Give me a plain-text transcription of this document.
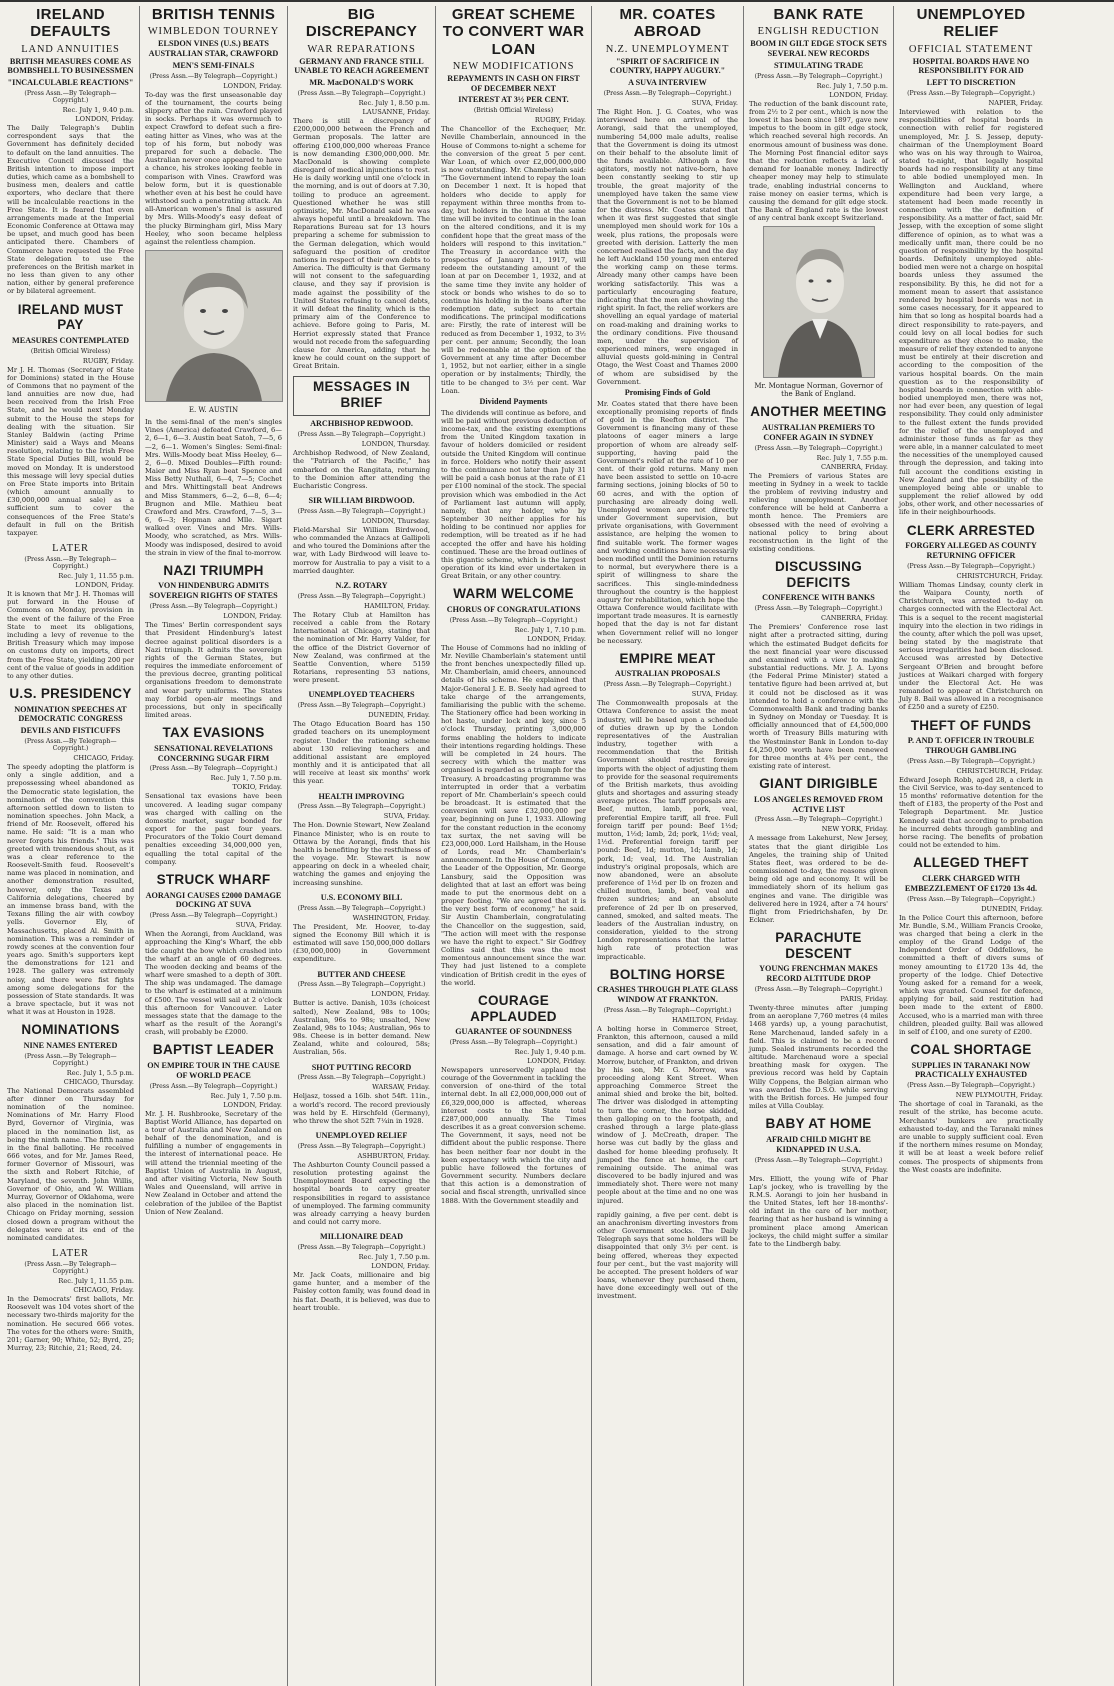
IRELAND DEFAULTS
LAND ANNUITIES
BRITISH MEASURES COME AS BOMBSHELL TO BUSINESSMEN
"INCALCULABLE REACTIONS"
(Press Assn.—By Telegraph—Copyright.)
Rec. July 1, 9.40 p.m.
LONDON, Friday.
The Daily Telegraph's Dublin correspondent says that the Government has definitely decided to default on the land annuities. The Executive Council discussed the British intention to impose import duties, which came as a bombshell to business men, dealers and cattle exporters, who declare that there will be incalculable reactions in the Free State. It is feared that even arrangements made at the Imperial Economic Conference at Ottawa may be upset, and much good has been anticipated there. Chambers of Commerce have requested the Free State delegation to use the preferences on the British market in no less than given to any other nation, either by general preference or by bilateral agreement.
IRELAND MUST PAY
MEASURES CONTEMPLATED
(British Official Wireless)
RUGBY, Friday.
Mr J. H. Thomas (Secretary of State for Dominions) stated in the House of Commons that no payment of the land annuities are now due, had been received from the Irish Free State, and he would next Monday submit to the House the steps for dealing with the situation. Sir Stanley Baldwin (acting Prime Minister) said a Ways and Means resolution, relating to the Irish Free State Special Duties Bill, would be moved on Monday. It is understood this message will levy special duties on Free State imports into Britain (which amount annually to £30,000,000 annual sale) as a sufficient sum to cover the consequences of the Free State's default in full on the British taxpayer.
LATER
(Press Assn.—By Telegraph—Copyright.)
Rec. July 1, 11.55 p.m.
LONDON, Friday.
It is known that Mr J. H. Thomas will put forward in the House of Commons on Monday, provision in the event of the failure of the Free State to meet its obligations, including a levy of revenue to the British Treasury which may impose on customs duty on imports, direct from the Free State, yielding 200 per cent of the value of goods in addition to any other duties.
U.S. PRESIDENCY
NOMINATION SPEECHES AT DEMOCRATIC CONGRESS
DEVILS AND FISTICUFFS
(Press Assn.—By Telegraph—Copyright.)
CHICAGO, Friday.
The speedy adopting the platform is only a single addition, and a prepossessing wheel abandoned as the Democratic state legislation, the nomination of the convention this afternoon settled down to listen to nomination speeches. John Mack, a friend of Mr. Roosevelt, offered his name. He said: "It is a man who never forgets his friends." This was greeted with tremendous shout, as it was a clear reference to the Roosevelt-Smith feud. Roosevelt's name was placed in nomination, and another demonstration resulted, however, only the Texas and California delegations, cheered by an immense brass band, with the Texans filling the air with cowboy yells. Governor Ely, of Massachusetts, placed Al. Smith in nomination. This was a reminder of rowdy scenes at the convention four years ago. Smith's supporters kept the demonstrations for 121 and 1928. The gallery was extremely noisy, and there were fist fights among some delegations for the possession of State standards. It was a brave spectacle, but it was not what it was at Houston in 1928.
NOMINATIONS
NINE NAMES ENTERED
(Press Assn.—By Telegraph—Copyright.)
Rec. July 1, 5.5 p.m.
CHICAGO, Thursday.
The National Democrats assembled after dinner on Thursday for nomination of the nominee. Nominations of Mr. Harry Flood Byrd, Governor of Virginia, was placed in the nomination list, as being the ninth name. The fifth name in the final balloting. He received 666 votes, and for Mr. James Reed, former Governor of Missouri, was the sixth and Robert Ritchie, of Maryland, the seventh. John Willis, Governor of Ohio, and W. William Murray, Governor of Oklahoma, were also placed in the nomination list. Chicago on Friday morning, session closed down a program without the delegates were at its end of the nominated candidates.
LATER
(Press Assn.—By Telegraph—Copyright.)
Rec. July 1, 11.55 p.m.
CHICAGO, Friday.
In the Democrats' first ballots, Mr. Roosevelt was 104 votes short of the necessary two-thirds majority for the nomination. He secured 666 votes. The votes for the others were: Smith, 201; Garner, 90; White, 52; Byrd, 25; Murray, 23; Ritchie, 21; Reed, 24.
BRITISH TENNIS
WIMBLEDON TOURNEY
ELSDON VINES (U.S.) BEATS AUSTRALIAN STAR, CRAWFORD
MEN'S SEMI-FINALS
(Press Assn.—By Telegraph—Copyright.)
LONDON, Friday.
To-day was the first unseasonable day of the tournament, the courts being slippery after the rain. Crawford played in socks. Perhaps it was overmuch to expect Crawford to defeat such a fire-eating hitter as Vines, who was at the top of his form, but nobody was prepared for such a debacle. The Australian never once appeared to have a chance, his strokes looking feeble in comparison with Vines. Crawford was below form, but it is questionable whether even at his best he could have withstood such a penetrating attack. An all-American women's final is assured by Mrs. Wills-Moody's easy defeat of the plucky Birmingham girl, Miss Mary Heeley, who soon became helpless against the relentless champion.
E. W. AUSTIN
In the semi-final of the men's singles Vines (America) defeated Crawford, 6—2, 6—1, 6—3. Austin beat Satoh, 7—5, 6—2, 6—1. Women's Singles: Semi-final: Mrs. Wills-Moody beat Miss Heeley, 6—2, 6—0. Mixed Doubles—Fifth round: Maier and Miss Ryan beat Spence and Miss Betty Nuthall, 6—4, 7—5; Cochet and Mrs. Whittingstall beat Andrews and Miss Stammers, 6—2, 6—8, 6—4; Brugnon and Mlle. Mathieu beat Crawford and Mrs. Crawford, 7—5, 3—6, 6—3; Hopman and Mlle. Sigart walked over. Vines and Mrs. Wills-Moody, who scratched, as Mrs. Wills-Moody was indisposed, desired to avoid the strain in view of the final to-morrow.
NAZI TRIUMPH
VON HINDENBURG ADMITS SOVEREIGN RIGHTS OF STATES
(Press Assn.—By Telegraph—Copyright.)
LONDON, Friday.
The Times' Berlin correspondent says that President Hindenburg's latest decree against political disorders is a Nazi triumph. It admits the sovereign rights of the German States, but requires the immediate enforcement of the previous decree, granting political organisations freedom to demonstrate and wear party uniforms. The States may forbid open-air meetings and processions, but only in specifically limited areas.
TAX EVASIONS
SENSATIONAL REVELATIONS CONCERNING SUGAR FIRM
(Press Assn.—By Telegraph—Copyright.)
Rec. July 1, 7.50 p.m.
TOKIO, Friday.
Sensational tax evasions have been uncovered. A leading sugar company was charged with calling on the domestic market, sugar bonded for export for the past four years. Procurators of the Tokio Court demand penalties exceeding 34,000,000 yen, equalling the total capital of the company.
STRUCK WHARF
AORANGI CAUSES £2000 DAMAGE DOCKING AT SUVA
(Press Assn.—By Telegraph—Copyright.)
SUVA, Friday.
When the Aorangi, from Auckland, was approaching the King's Wharf, the ebb tide caught the bow which crashed into the wharf at an angle of 60 degrees. The wooden decking and beams of the wharf were smashed to a depth of 30ft. The ship was undamaged. The damage to the wharf is estimated at a minimum of £500. The vessel will sail at 2 o'clock this afternoon for Vancouver. Later messages state that the damage to the wharf as the result of the Aorangi's crash, will probably be £2000.
BAPTIST LEADER
ON EMPIRE TOUR IN THE CAUSE OF WORLD PEACE
(Press Assn.—By Telegraph—Copyright.)
Rec. July 1, 7.50 p.m.
LONDON, Friday.
Mr. J. H. Rushbrooke, Secretary of the Baptist World Alliance, has departed on a tour of Australia and New Zealand on behalf of the denomination, and is fulfilling a number of engagements in the interest of international peace. He will attend the triennial meeting of the Baptist Union of Australia in August, and after visiting Victoria, New South Wales and Queensland, will arrive in New Zealand in October and attend the celebration of the jubilee of the Baptist Union of New Zealand.
BIG DISCREPANCY
WAR REPARATIONS
GERMANY AND FRANCE STILL UNABLE TO REACH AGREEMENT
MR. MacDONALD'S WORK
(Press Assn.—By Telegraph—Copyright.)
Rec. July 1, 8.50 p.m.
LAUSANNE, Friday.
There is still a discrepancy of £200,000,000 between the French and German proposals. The latter are offering £100,000,000 whereas France is now demanding £300,000,000. Mr. MacDonald is showing complete disregard of medical injunctions to rest. He is daily working until one o'clock in the morning, and is out of doors at 7.30, toiling to produce an agreement. Questioned whether he was still optimistic, Mr. MacDonald said he was always hopeful until a breakdown. The Reparations Bureau sat for 13 hours preparing a scheme for submission to the German delegation, which would safeguard the position of creditor nations in respect of their own debts to America. The difficulty is that Germany will not consent to the safeguarding clause, and they say if provision is made against the possibility of the United States refusing to cancel debts, it will defeat the finality, which is the primary aim of the Conference to achieve. Before going to Paris, M. Herriot expressly stated that France would not recede from the safeguarding clause for America, adding that he knew he could count on the support of Great Britain.
MESSAGES IN BRIEF
ARCHBISHOP REDWOOD.
(Press Assn.—By Telegraph—Copyright.)
LONDON, Thursday.
Archbishop Redwood, of New Zealand, the "Patriarch of the Pacific," has embarked on the Rangitata, returning to the Dominion after attending the Eucharistic Congress.
SIR WILLIAM BIRDWOOD.
(Press Assn.—By Telegraph—Copyright.)
LONDON, Thursday.
Field-Marshal Sir William Birdwood, who commanded the Anzacs at Gallipoli and who toured the Dominions after the war, with Lady Birdwood will leave to-morrow for Australia to pay a visit to a married daughter.
N.Z. ROTARY
(Press Assn.—By Telegraph—Copyright.)
HAMILTON, Friday.
The Rotary Club at Hamilton has received a cable from the Rotary International at Chicago, stating that the nomination of Mr. Harry Valder, for the office of the District Governor of New Zealand, was confirmed at the Seattle Convention, where 5159 Rotarians, representing 53 nations, were present.
UNEMPLOYED TEACHERS
(Press Assn.—By Telegraph—Copyright.)
DUNEDIN, Friday.
The Otago Education Board has 150 graded teachers on its unemployment register. Under the rationing scheme about 130 relieving teachers and additional assistant are employed monthly and it is anticipated that all will receive at least six months' work this year.
HEALTH IMPROVING
(Press Assn.—By Telegraph—Copyright.)
SUVA, Friday.
The Hon. Downie Stewart, New Zealand Finance Minister, who is en route to Ottawa by the Aorangi, finds that his health is benefiting by the restfulness of the voyage. Mr. Stewart is now appearing on deck in a wheeled chair, watching the games and enjoying the increasing sunshine.
U.S. ECONOMY BILL
(Press Assn.—By Telegraph—Copyright.)
WASHINGTON, Friday.
The President, Mr. Hoover, to-day signed the Economy Bill which it is estimated will save 150,000,000 dollars (£30,000,000) in Government expenditure.
BUTTER AND CHEESE
(Press Assn.—By Telegraph—Copyright.)
LONDON, Friday.
Butter is active. Danish, 103s (choicest salted), New Zealand, 98s to 100s; Australian, 96s to 98s; unsalted, New Zealand, 98s to 104s; Australian, 96s to 98s. Cheese is in better demand. New Zealand, white and coloured, 58s; Australian, 56s.
SHOT PUTTING RECORD
(Press Assn.—By Telegraph—Copyright.)
WARSAW, Friday.
Heljasz, tossed a 16lb. shot 54ft. 11in., a world's record. The record previously was held by E. Hirschfeld (Germany), who threw the shot 52ft 7¼in in 1928.
UNEMPLOYED RELIEF
(Press Assn.—By Telegraph—Copyright.)
ASHBURTON, Friday.
The Ashburton County Council passed a resolution protesting against the Unemployment Board expecting the hospital boards to carry greater responsibilities in regard to assistance of unemployed. The farming community was already carrying a heavy burden and could not carry more.
MILLIONAIRE DEAD
(Press Assn.—By Telegraph—Copyright.)
Rec. July 1, 7.50 p.m.
LONDON, Friday.
Mr. Jack Coats, millionaire and big game hunter, and a member of the Paisley cotton family, was found dead in his flat. Death, it is believed, was due to heart trouble.
GREAT SCHEME TO CONVERT WAR LOAN
NEW MODIFICATIONS
REPAYMENTS IN CASH ON FIRST OF DECEMBER NEXT
INTEREST AT 3½ PER CENT.
(British Official Wireless)
RUGBY, Friday.
The Chancellor of the Exchequer, Mr. Neville Chamberlain, announced in the House of Commons to-night a scheme for the conversion of the great 5 per cent. War Loan, of which over £2,000,000,000 is now outstanding. Mr. Chamberlain said: "The Government intend to repay the loan on December 1 next. It is hoped that holders who decide to apply for repayment within three months from to-day, but holders in the loan at the same time will be invited to continue in the loan on the altered conditions, and it is my confident hope that the great mass of the holders will respond to this invitation." The Treasury in accordance with the prospectus of January 11, 1917, will redeem the outstanding amount of the loan at par on December 1, 1932, and at the same time they invite any holder of stock or bonds who wishes to do so to continue his holding in the loans after the redemption date, subject to certain modifications. The principal modifications are: Firstly, the rate of interest will be reduced as from December 1, 1932, to 3½ per cent. per annum; Secondly, the loan will be redeemable at the option of the Government at any time after December 1, 1952, but not earlier, either in a single operation or by instalments; Thirdly, the title to be changed to 3½ per cent. War Loan.
Dividend Payments
The dividends will continue as before, and will be paid without previous deduction of income-tax, and the existing exemptions from the United Kingdom taxation in favour of holders domiciled or resident outside the United Kingdom will continue in force. Holders who notify their assent to the continuance not later than July 31 will be paid a cash bonus at the rate of £1 per £100 nominal of the stock. The special provision which was embodied in the Act of Parliament last autumn will apply, namely, that any holder, who by September 30 neither applies for his holding to be continued nor applies for redemption, will be treated as if he had accepted the offer and have his holding continued. These are the broad outlines of this gigantic scheme, which is the largest operation of its kind ever undertaken in Great Britain, or any other country.
WARM WELCOME
CHORUS OF CONGRATULATIONS
(Press Assn.—By Telegraph—Copyright.)
Rec. July 1, 7.10 p.m.
LONDON, Friday.
The House of Commons had no inkling of Mr. Neville Chamberlain's statement until the front benches unexpectedly filled up. Mr. Chamberlain, amid cheers, announced details of his scheme. He explained that Major-General J. E. B. Seely had agreed to take charge of the arrangements, familiarising the public with the scheme. The Stationery office had been working in hot haste, under lock and key, since 5 o'clock Thursday, printing 3,000,000 forms enabling the holders to indicate their intentions regarding holdings. These will be completed in 24 hours. The secrecy with which the matter was organised is regarded as a triumph for the Treasury. A broadcasting programme was interrupted in order that a verbatim report of Mr. Chamberlain's speech could be broadcast. It is estimated that the conversion will save £32,000,000 per year, beginning on June 1, 1933. Allowing for the constant reduction in the economy tax surtax, the net saving will be £23,000,000. Lord Hailsham, in the House of Lords, read Mr. Chamberlain's announcement. In the House of Commons, the Leader of the Opposition, Mr. George Lansbury, said the Opposition was delighted that at last an effort was being made to put the enormous debt on a proper footing. "We are agreed that it is the very best form of economy," he said. Sir Austin Chamberlain, congratulating the Chancellor on the suggestion, said, "The action will meet with the response we have the right to expect." Sir Godfrey Collins said that this was the most momentous announcement since the war. They had just listened to a complete vindication of British credit in the eyes of the world.
COURAGE APPLAUDED
GUARANTEE OF SOUNDNESS
(Press Assn.—By Telegraph—Copyright.)
Rec. July 1, 9.40 p.m.
LONDON, Friday.
Newspapers unreservedly applaud the courage of the Government in tackling the conversion of one-third of the total internal debt. In all £2,000,000,000 out of £6,329,000,000 is affected, whereas interest costs to the State total £287,000,000 annually. The Times describes it as a great conversion scheme. The Government, it says, need not be diffident about the public response. There has been neither fear nor doubt in the keen expectancy with which the city and public have followed the fortunes of Government security. Numbers declare that this action is a demonstration of social and fiscal strength, unrivalled since 1888. With the Government steadily and
MR. COATES ABROAD
N.Z. UNEMPLOYMENT
"SPIRIT OF SACRIFICE IN COUNTRY, HAPPY AUGURY."
A SUVA INTERVIEW
(Press Assn.—By Telegraph—Copyright.)
SUVA, Friday.
The Right Hon. J. G. Coates, who was interviewed here on arrival of the Aorangi, said that the unemployed, numbering 54,000 male adults, realise that the Government is doing its utmost on their behalf to the absolute limit of the funds available. Although a few agitators, mostly not native-born, have been constantly seeking to stir up trouble, the great majority of the unemployed have taken the same view that the Government is not to be blamed for the distress. Mr. Coates stated that when it was first suggested that single unemployed men should work for 10s a week, plus rations, the proposals were greeted with derision. Latterly the men concerned realised the facts, and the day he left Auckland 150 young men entered the working camp on these terms. Already many other camps have been working satisfactorily. This was a particularly encouraging feature, indicating that the men are showing the right spirit. In fact, the relief workers are shovelling an equal yardage of material on road-making and draining works to the ordinary conditions. Five thousand men, under the supervision of experienced miners, were engaged in alluvial quests gold-mining in Central Otago, the West Coast and Thames 2000 of whom are subsidised by the Government.
Promising Finds of Gold
Mr. Coates stated that there have been exceptionally promising reports of finds of gold in the Reefton district. The Government is financing many of these platoons of eager miners a large proportion of whom are already self-supporting, having paid the Government's relief at the rate of 10 per cent. of their gold returns. Many men have been assisted to settle on 10-acre farming sections, joining blocks of 50 to 60 acres, and with the option of purchasing are already doing well. Unemployed women are not directly under Government supervision, but private organisations, with Government assistance, are helping the women to find suitable work. The former wages and working conditions have necessarily been modified until the Dominion returns to normal, but everywhere there is a spirit of willingness to share the sacrifices. This single-mindedness throughout the country is the happiest augury for rehabilitation, which hope the Ottawa Conference would facilitate with important trade measures. It is earnestly hoped that the day is not far distant when Government relief will no longer be necessary.
EMPIRE MEAT
AUSTRALIAN PROPOSALS
(Press Assn.—By Telegraph—Copyright.)
SUVA, Friday.
The Commonwealth proposals at the Ottawa Conference to assist the meat industry, will be based upon a schedule of duties drawn up by the London representatives of the Australian industry, together with a recommendation that the British Government should restrict foreign imports with the object of adjusting them to provide for the seasonal requirements of the British markets, thus avoiding gluts and shortages and assuring steady average prices. The tariff proposals are: Beef, mutton, lamb, pork, veal, preferential Empire tariff, all free. Full foreign tariff per pound: Beef 1½d; mutton, 1½d; lamb, 2d; pork, 1½d; veal, 1½d. Preferential foreign tariff per pound: Beef, 1d; mutton, 1d; lamb, 1d; pork, 1d; veal, 1d. The Australian industry's original proposals, which are now abandoned, were an absolute preference of 1½d per lb on frozen and chilled mutton, lamb, beef, veal and frozen sundries; and an absolute preference of 2d per lb on preserved, canned, smoked, and salted meats. The leaders of the Australian industry, on consideration, yielded to the strong London representations that the latter high rate of protection was impracticable.
BOLTING HORSE
CRASHES THROUGH PLATE GLASS WINDOW AT FRANKTON.
(Press Assn.—By Telegraph—Copyright.)
HAMILTON, Friday.
A bolting horse in Commerce Street, Frankton, this afternoon, caused a mild sensation, and did a fair amount of damage. A horse and cart owned by W. Morrow, butcher, of Frankton, and driven by his son, Mr. G. Morrow, was proceeding along Kent Street. When approaching Commerce Street the animal shied and broke the bit, bolted. The driver was dislodged in attempting to turn the corner, the horse skidded, then galloping on to the footpath, and crashed through a large plate-glass window of J. McCreath, draper. The horse was cut badly by the glass and dashed for home bleeding profusely. It jumped the fence at home, the cart remaining outside. The animal was discovered to be badly injured and was immediately shot. There were not many people about at the time and no one was injured.
rapidly gaining, a five per cent. debt is an anachronism diverting investors from other Government stocks. The Daily Telegraph says that some holders will be disappointed that only 3½ per cent. is being offered, whereas they expected four per cent., but the vast majority will be accepted. The present holders of war loans, whenever they purchased them, have done exceedingly well out of the investment.
BANK RATE
ENGLISH REDUCTION
BOOM IN GILT EDGE STOCK SETS SEVERAL NEW RECORDS
STIMULATING TRADE
(Press Assn.—By Telegraph—Copyright.)
Rec. July 1, 7.50 p.m.
LONDON, Friday.
The reduction of the bank discount rate, from 2½ to 2 per cent., which is now the lowest it has been since 1897, gave new impetus to the boom in gilt edge stock, which reached several high records. An enormous amount of business was done. The Morning Post financial editor says that the reduction reflects a lack of demand for loanable money. Indirectly cheaper money may help to stimulate trade, enabling industrial concerns to raise money on easier terms, which is causing the demand for gilt edge stock. The Bank of England rate is the lowest of any central bank except Switzerland.
Mr. Montague Norman, Governor of the Bank of England.
ANOTHER MEETING
AUSTRALIAN PREMIERS TO CONFER AGAIN IN SYDNEY
(Press Assn.—By Telegraph—Copyright.)
Rec. July 1, 7.55 p.m.
CANBERRA, Friday.
The Premiers of various States are meeting in Sydney in a week to tackle the problem of reviving industry and relieving unemployment. Another conference will be held at Canberra a month hence. The Premiers are obsessed with the need of evolving a national policy to bring about reconstruction in the light of the existing conditions.
DISCUSSING DEFICITS
CONFERENCE WITH BANKS
(Press Assn.—By Telegraph—Copyright.)
CANBERRA, Friday.
The Premiers' Conference rose last night after a protracted sitting, during which the estimated Budget deficits for the next financial year were discussed and examined with a view to making substantial reductions. Mr. J. A. Lyons (the Federal Prime Minister) stated a tentative figure had been arrived at, but it could not be disclosed as it was intended to hold a conference with the Commonwealth Bank and trading banks in Sydney on Monday or Tuesday. It is officially announced that of £4,500,000 worth of Treasury Bills maturing with the Westminster Bank in London to-day £4,250,000 worth have been renewed for three months at 4¾ per cent., the existing rate of interest.
GIANT DIRIGIBLE
LOS ANGELES REMOVED FROM ACTIVE LIST
(Press Assn.—By Telegraph—Copyright.)
NEW YORK, Friday.
A message from Lakehurst, New Jersey, states that the giant dirigible Los Angeles, the training ship of United States fleet, was ordered to be de-commissioned to-day, the reasons given being old age and economy. It will be immediately shorn of its helium gas engines and vane. The dirigible was delivered here in 1924, after a 74 hours' flight from Friedrichshafen, by Dr. Eckner.
PARACHUTE DESCENT
YOUNG FRENCHMAN MAKES RECORD ALTITUDE DROP
(Press Assn.—By Telegraph—Copyright.)
PARIS, Friday.
Twenty-three minutes after jumping from an aeroplane 7,760 metres (4 miles 1468 yards) up, a young parachutist, Rene Marchenaud, landed safely in a field. This is claimed to be a record jump. Sealed instruments recorded the altitude. Marchenaud wore a special breathing mask for oxygen. The previous record was held by Captain Willy Coppens, the Belgian airman who was awarded the D.S.O. while serving with the British forces. He jumped four miles at Villa Coublay.
BABY AT HOME
AFRAID CHILD MIGHT BE KIDNAPPED IN U.S.A.
(Press Assn.—By Telegraph—Copyright.)
SUVA, Friday.
Mrs. Elliott, the young wife of Phar Lap's jockey, who is travelling by the R.M.S. Aorangi to join her husband in the United States, left her 18-months'-old infant in the care of her mother, fearing that as her husband is winning a prominent place among American jockeys, the child might suffer a similar fate to the Lindbergh baby.
UNEMPLOYED RELIEF
OFFICIAL STATEMENT
HOSPITAL BOARDS HAVE NO RESPONSIBILITY FOR AID
LEFT TO DISCRETION
(Press Assn.—By Telegraph—Copyright.)
NAPIER, Friday.
Interviewed with relation to the responsibilities of hospital boards in connection with relief for registered unemployed, Mr. J. S. Jessep, deputy-chairman of the Unemployment Board who was on his way through to Wairoa, stated to-night, that legally hospital boards had no responsibility at any time to able bodied unemployed men. In Wellington and Auckland, where expenditure had been very large, a statement had been made recently in connection with the definition of responsibility. As a matter of fact, said Mr. Jessep, with the exception of some slight difference of opinion, as to what was a medically unfit man, there could be no question of responsibility by the hospital boards. Definitely unemployed able-bodied men were not a charge on hospital boards unless they assumed the responsibility. By this, he did not for a moment mean to assert that assistance rendered by hospital boards was not in some cases necessary, for it appeared to him that so long as hospital boards had a direct responsibility to rate-payers, and could levy on all local bodies for such expenditure as they chose to make, the measure of relief they extended to anyone must be entirely at their discretion and according to the composition of the various hospital boards. On the main question as to the responsibility of hospital boards in connection with able-bodied unemployed men, there was not, nor had ever been, any question of legal responsibility. They could only administer to the fullest extent the funds provided for the relief of the unemployed and administer those funds as far as they were able, in a manner calculated to meet the necessities of the unemployed caused through the depression, and taking into full account the conditions existing in New Zealand and the possibility of the unemployed being able or unable to supplement the relief allowed by odd jobs, other work, and other necessaries of life in their neighbourhoods.
CLERK ARRESTED
FORGERY ALLEGED AS COUNTY RETURNING OFFICER
(Press Assn.—By Telegraph—Copyright.)
CHRISTCHURCH, Friday.
William Thomas Lindsay, county clerk in the Waipara County, north of Christchurch, was arrested to-day on charges connected with the Electoral Act. This is a sequel to the recent magisterial inquiry into the election in two ridings in the county, after which the poll was upset, being stated by the magistrate that serious irregularities had been disclosed. Accused was arrested by Detective Sergeant O'Brien and brought before justices at Waikari charged with forgery under the Electoral Act. He was remanded to appear at Christchurch on July 8. Bail was allowed in a recognisance of £250 and a surety of £250.
THEFT OF FUNDS
P. AND T. OFFICER IN TROUBLE THROUGH GAMBLING
(Press Assn.—By Telegraph—Copyright.)
CHRISTCHURCH, Friday.
Edward Joseph Robb, aged 28, a clerk in the Civil Service, was to-day sentenced to 15 months' reformative detention for the theft of £183, the property of the Post and Telegraph Department. Mr. Justice Kennedy said that according to probation he incurred debts through gambling and horse racing. The benefits of probation could not be extended to him.
ALLEGED THEFT
CLERK CHARGED WITH EMBEZZLEMENT OF £1720 13s 4d.
(Press Assn.—By Telegraph—Copyright.)
DUNEDIN, Friday.
In the Police Court this afternoon, before Mr. Bundle, S.M., William Francis Crooke, was charged that being a clerk in the employ of the Grand Lodge of the Independent Order of Oddfellows, he committed a theft of divers sums of money amounting to £1720 13s 4d, the property of the lodge. Chief Detective Young asked for a remand for a week, which was granted. Counsel for defence, applying for bail, said restitution had been made to the extent of £800. Accused, who is a married man with three children, pleaded guilty. Bail was allowed in self of £100, and one surety of £200.
COAL SHORTAGE
SUPPLIES IN TARANAKI NOW PRACTICALLY EXHAUSTED
(Press Assn.—By Telegraph—Copyright.)
NEW PLYMOUTH, Friday.
The shortage of coal in Taranaki, as the result of the strike, has become acute. Merchants' bunkers are practically exhausted to-day, and the Taranaki mines are unable to supply sufficient coal. Even if the northern mines resume on Monday, it will be at least a week before relief comes. The prospects of shipments from the West coasts are indefinite.
